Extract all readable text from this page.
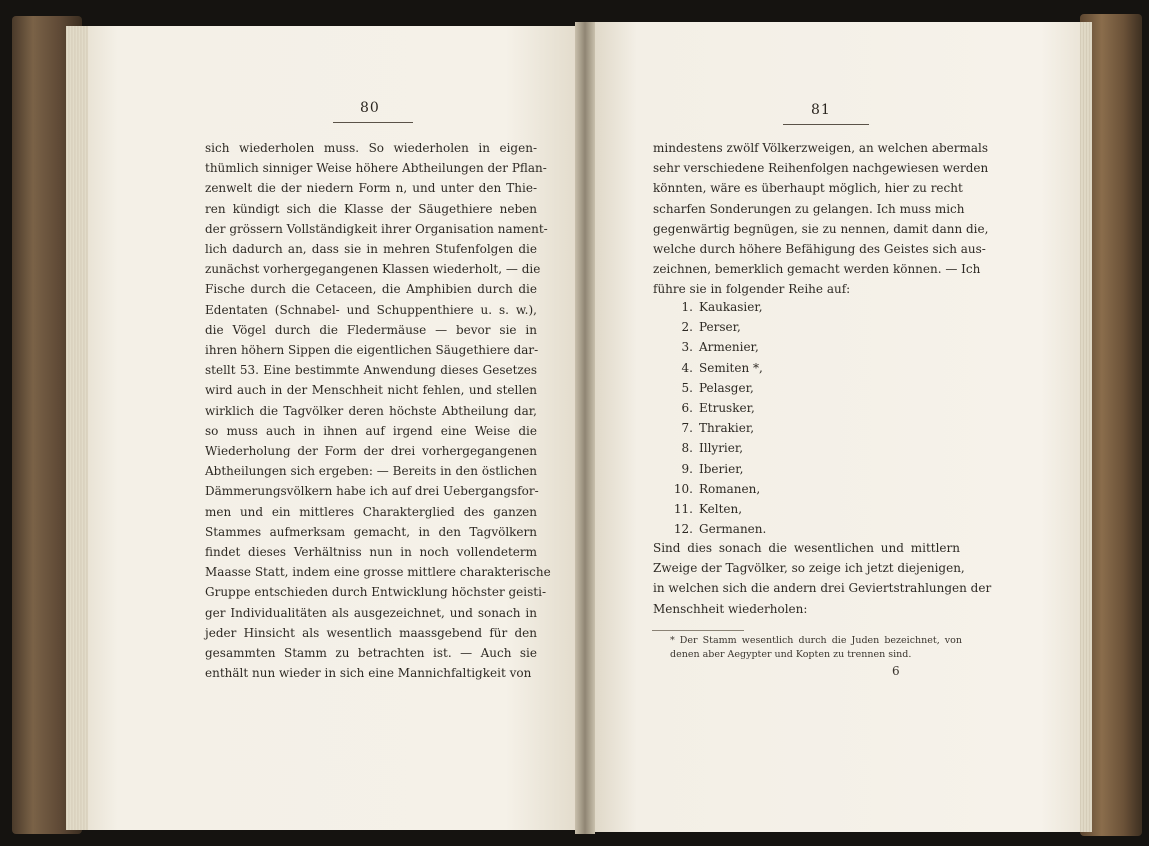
80
sich wiederholen muss. So wiederholen in eigen-
thümlich sinniger Weise höhere Abtheilungen der Pflan-
zenwelt die der niedern Form n, und unter den Thie-
ren kündigt sich die Klasse der Säugethiere neben
der grössern Vollständigkeit ihrer Organisation nament-
lich dadurch an, dass sie in mehren Stufenfolgen die
zunächst vorhergegangenen Klassen wiederholt, — die
Fische durch die Cetaceen, die Amphibien durch die
Edentaten (Schnabel- und Schuppenthiere u. s. w.),
die Vögel durch die Fledermäuse — bevor sie in
ihren höhern Sippen die eigentlichen Säugethiere dar-
stellt 53. Eine bestimmte Anwendung dieses Gesetzes
wird auch in der Menschheit nicht fehlen, und stellen
wirklich die Tagvölker deren höchste Abtheilung dar,
so muss auch in ihnen auf irgend eine Weise die
Wiederholung der Form der drei vorhergegangenen
Abtheilungen sich ergeben: — Bereits in den östlichen
Dämmerungsvölkern habe ich auf drei Uebergangsfor-
men und ein mittleres Charakterglied des ganzen
Stammes aufmerksam gemacht, in den Tagvölkern
findet dieses Verhältniss nun in noch vollendeterm
Maasse Statt, indem eine grosse mittlere charakterische
Gruppe entschieden durch Entwicklung höchster geisti-
ger Individualitäten als ausgezeichnet, und sonach in
jeder Hinsicht als wesentlich maassgebend für den
gesammten Stamm zu betrachten ist. — Auch sie
enthält nun wieder in sich eine Mannichfaltigkeit von
81
mindestens zwölf Völkerzweigen, an welchen abermals
sehr verschiedene Reihenfolgen nachgewiesen werden
könnten, wäre es überhaupt möglich, hier zu recht
scharfen Sonderungen zu gelangen. Ich muss mich
gegenwärtig begnügen, sie zu nennen, damit dann die,
welche durch höhere Befähigung des Geistes sich aus-
zeichnen, bemerklich gemacht werden können. — Ich
führe sie in folgender Reihe auf:
1. Kaukasier,
2. Perser,
3. Armenier,
4. Semiten *,
5. Pelasger,
6. Etrusker,
7. Thrakier,
8. Illyrier,
9. Iberier,
10. Romanen,
11. Kelten,
12. Germanen.
Sind dies sonach die wesentlichen und mittlern
Zweige der Tagvölker, so zeige ich jetzt diejenigen,
in welchen sich die andern drei Geviertstrahlungen der
Menschheit wiederholen:
* Der Stamm wesentlich durch die Juden bezeichnet, von
denen aber Aegypter und Kopten zu trennen sind.
6
